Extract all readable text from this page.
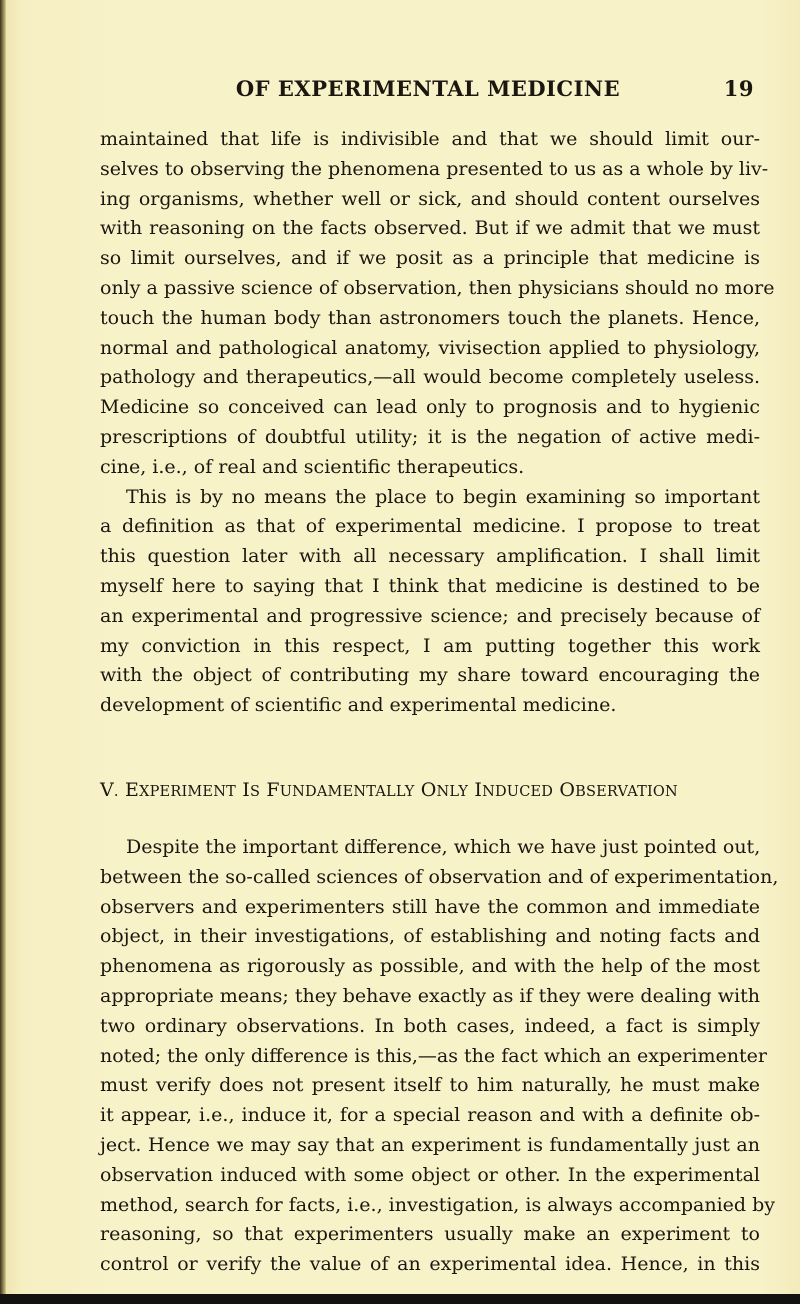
OF EXPERIMENTAL MEDICINE	19
maintained that life is indivisible and that we should limit our-
selves to observing the phenomena presented to us as a whole by liv-
ing organisms, whether well or sick, and should content ourselves
with reasoning on the facts observed. But if we admit that we must
so limit ourselves, and if we posit as a principle that medicine is
only a passive science of observation, then physicians should no more
touch the human body than astronomers touch the planets. Hence,
normal and pathological anatomy, vivisection applied to physiology,
pathology and therapeutics,—all would become completely useless.
Medicine so conceived can lead only to prognosis and to hygienic
prescriptions of doubtful utility; it is the negation of active medi-
cine, i.e., of real and scientific therapeutics.
This is by no means the place to begin examining so important
a definition as that of experimental medicine. I propose to treat
this question later with all necessary amplification. I shall limit
myself here to saying that I think that medicine is destined to be
an experimental and progressive science; and precisely because of
my conviction in this respect, I am putting together this work
with the object of contributing my share toward encouraging the
development of scientific and experimental medicine.
V. EXPERIMENT IS FUNDAMENTALLY ONLY INDUCED OBSERVATION
Despite the important difference, which we have just pointed out,
between the so-called sciences of observation and of experimentation,
observers and experimenters still have the common and immediate
object, in their investigations, of establishing and noting facts and
phenomena as rigorously as possible, and with the help of the most
appropriate means; they behave exactly as if they were dealing with
two ordinary observations. In both cases, indeed, a fact is simply
noted; the only difference is this,—as the fact which an experimenter
must verify does not present itself to him naturally, he must make
it appear, i.e., induce it, for a special reason and with a definite ob-
ject. Hence we may say that an experiment is fundamentally just an
observation induced with some object or other. In the experimental
method, search for facts, i.e., investigation, is always accompanied by
reasoning, so that experimenters usually make an experiment to
control or verify the value of an experimental idea. Hence, in this
